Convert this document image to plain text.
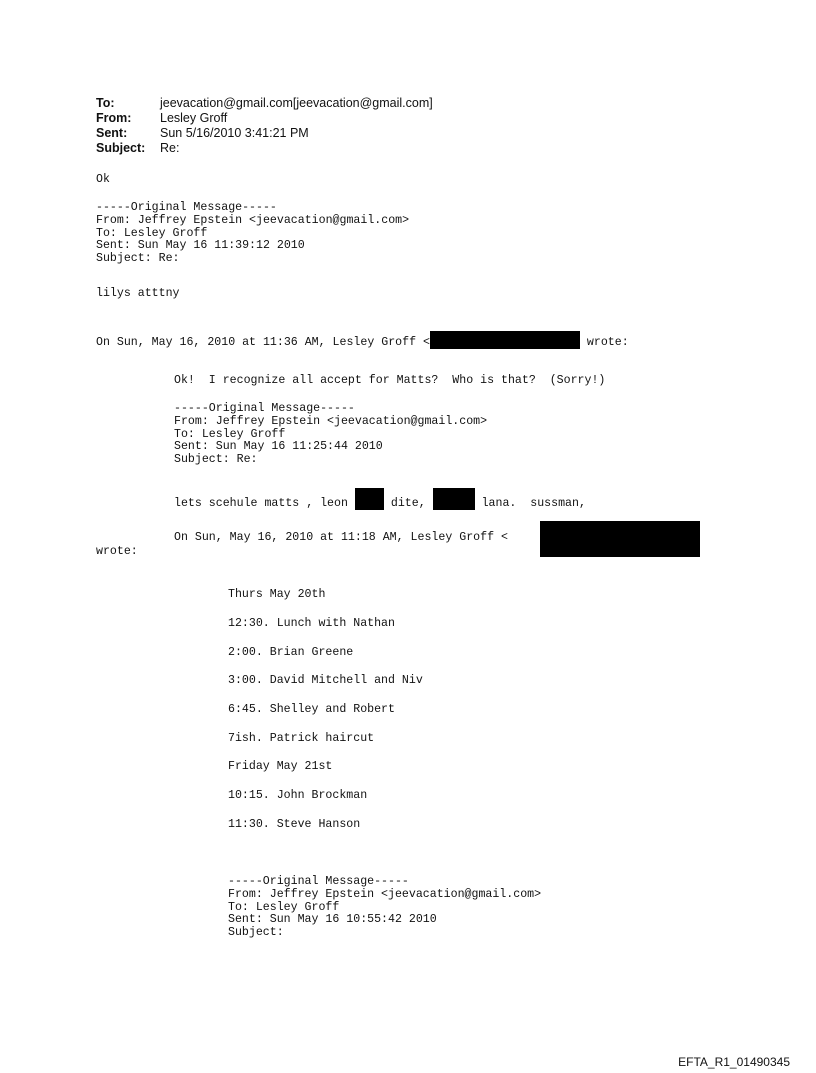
To:	jeevacation@gmail.com[jeevacation@gmail.com]
From:	Lesley Groff
Sent:	Sun 5/16/2010 3:41:21 PM
Subject:	Re:
Ok
-----Original Message-----
From: Jeffrey Epstein <jeevacation@gmail.com>
To: Lesley Groff
Sent: Sun May 16 11:39:12 2010
Subject: Re:
lilys atttny
On Sun, May 16, 2010 at 11:36 AM, Lesley Groff <	wrote:
Ok!  I recognize all accept for Matts?  Who is that?  (Sorry!)
-----Original Message-----
From: Jeffrey Epstein <jeevacation@gmail.com>
To: Lesley Groff
Sent: Sun May 16 11:25:44 2010
Subject: Re:
lets scehule matts , leon	dite,	lana.  sussman,
On Sun, May 16, 2010 at 11:18 AM, Lesley Groff <
wrote:
Thurs May 20th
12:30. Lunch with Nathan
2:00. Brian Greene
3:00. David Mitchell and Niv
6:45. Shelley and Robert
7ish. Patrick haircut
Friday May 21st
10:15. John Brockman
11:30. Steve Hanson
-----Original Message-----
From: Jeffrey Epstein <jeevacation@gmail.com>
To: Lesley Groff
Sent: Sun May 16 10:55:42 2010
Subject:
EFTA_R1_01490345
